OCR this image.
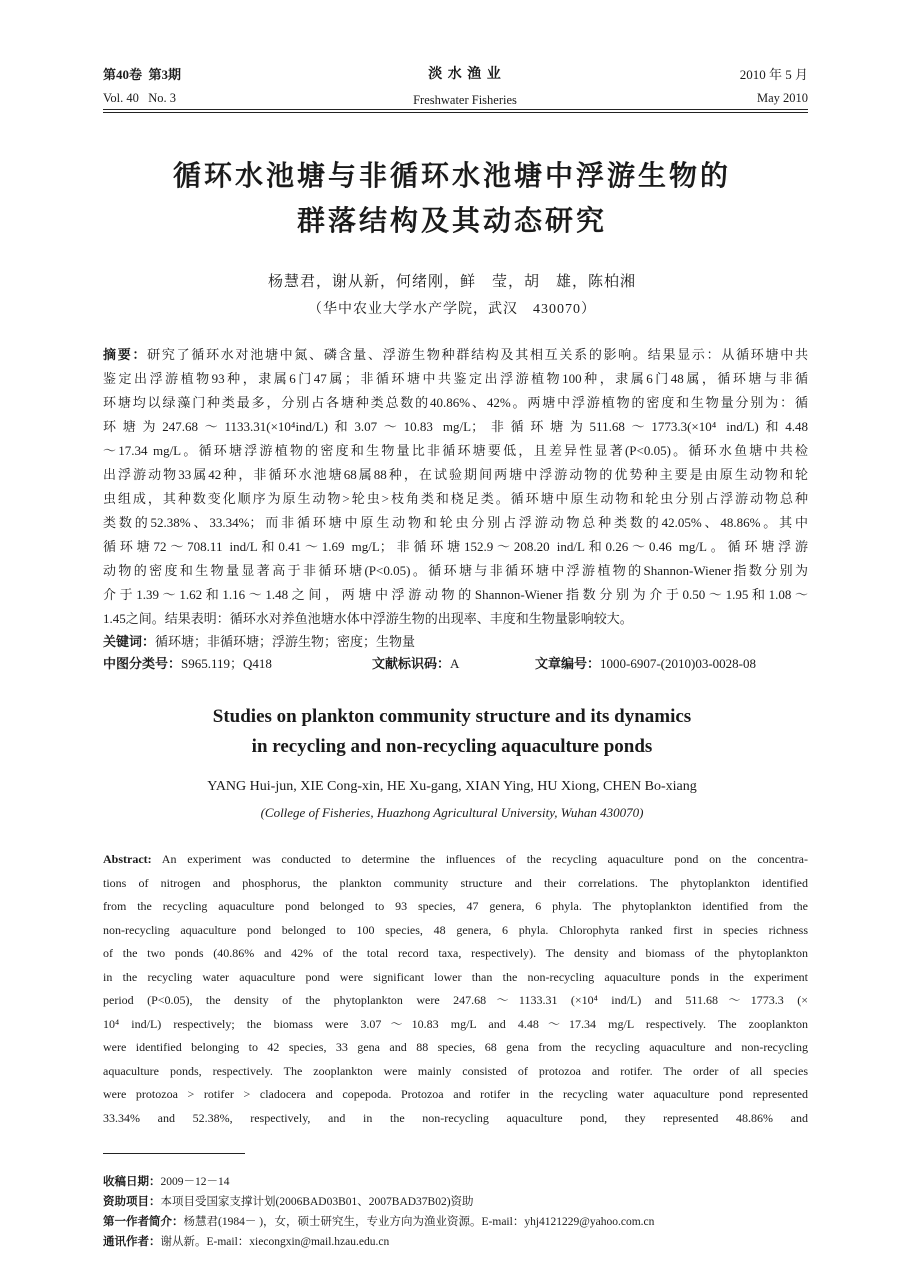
第40卷  第3期
Vol. 40   No. 3
淡 水 渔 业
Freshwater Fisheries
2010 年 5 月
May 2010
循环水池塘与非循环水池塘中浮游生物的
群落结构及其动态研究
杨慧君，谢从新，何绪刚，鲜　莹，胡　雄，陈柏湘
（华中农业大学水产学院，武汉　430070）
摘要：研究了循环水对池塘中氮、磷含量、浮游生物种群结构及其相互关系的影响。结果显示：从循环塘中共
鉴定出浮游植物93种，隶属6门47属；非循环塘中共鉴定出浮游植物100种，隶属6门48属，循环塘与非循
环塘均以绿藻门种类最多，分别占各塘种类总数的40.86%、42%。两塘中浮游植物的密度和生物量分别为：循
环塘为247.68～1133.31(×10⁴ind/L)和3.07～10.83 mg/L；非循环塘为511.68～1773.3(×10⁴ ind/L)和4.48
～17.34 mg/L。循环塘浮游植物的密度和生物量比非循环塘要低，且差异性显著(P<0.05)。循环水鱼塘中共检
出浮游动物33属42种，非循环水池塘68属88种，在试验期间两塘中浮游动物的优势种主要是由原生动物和轮
虫组成，其种数变化顺序为原生动物>轮虫>枝角类和桡足类。循环塘中原生动物和轮虫分别占浮游动物总种
类数的52.38%、33.34%；而非循环塘中原生动物和轮虫分别占浮游动物总种类数的42.05%、48.86%。其中
循环塘72～708.11 ind/L和0.41～1.69 mg/L；非循环塘152.9～208.20 ind/L和0.26～0.46 mg/L。循环塘浮游
动物的密度和生物量显著高于非循环塘(P<0.05)。循环塘与非循环塘中浮游植物的Shannon-Wiener指数分别为
介于1.39～1.62和1.16～1.48之间，两塘中浮游动物的Shannon-Wiener指数分别为介于0.50～1.95和1.08～
1.45之间。结果表明：循环水对养鱼池塘水体中浮游生物的出现率、丰度和生物量影响较大。
关键词：循环塘；非循环塘；浮游生物；密度；生物量
中图分类号：S965.119；Q418	文献标识码：A	文章编号：1000-6907-(2010)03-0028-08
Studies on plankton community structure and its dynamics
in recycling and non-recycling aquaculture ponds
YANG Hui-jun, XIE Cong-xin, HE Xu-gang, XIAN Ying, HU Xiong, CHEN Bo-xiang
(College of Fisheries, Huazhong Agricultural University, Wuhan 430070)
Abstract: An experiment was conducted to determine the influences of the recycling aquaculture pond on the concentra-
tions of nitrogen and phosphorus, the plankton community structure and their correlations. The phytoplankton identified
from the recycling aquaculture pond belonged to 93 species, 47 genera, 6 phyla. The phytoplankton identified from the
non-recycling aquaculture pond belonged to 100 species, 48 genera, 6 phyla. Chlorophyta ranked first in species richness
of the two ponds (40.86% and 42% of the total record taxa, respectively). The density and biomass of the phytoplankton
in the recycling water aquaculture pond were significant lower than the non-recycling aquaculture ponds in the experiment
period (P<0.05), the density of the phytoplankton were 247.68～1133.31 (×10⁴ ind/L) and 511.68～1773.3 (×
10⁴ ind/L) respectively; the biomass were 3.07～10.83 mg/L and 4.48～17.34 mg/L respectively. The zooplankton
were identified belonging to 42 species, 33 gena and 88 species, 68 gena from the recycling aquaculture and non-recycling
aquaculture ponds, respectively. The zooplankton were mainly consisted of protozoa and rotifer. The order of all species
were protozoa > rotifer > cladocera and copepoda. Protozoa and rotifer in the recycling water aquaculture pond represented
33.34% and 52.38%, respectively, and in the non-recycling aquaculture pond, they represented 48.86% and
收稿日期：2009－12－14
资助项目：本项目受国家支撑计划(2006BAD03B01、2007BAD37B02)资助
第一作者简介：杨慧君(1984－ )，女，硕士研究生，专业方向为渔业资源。E-mail：yhj4121229@yahoo.com.cn
通讯作者：谢从新。E-mail：xiecongxin@mail.hzau.edu.cn
